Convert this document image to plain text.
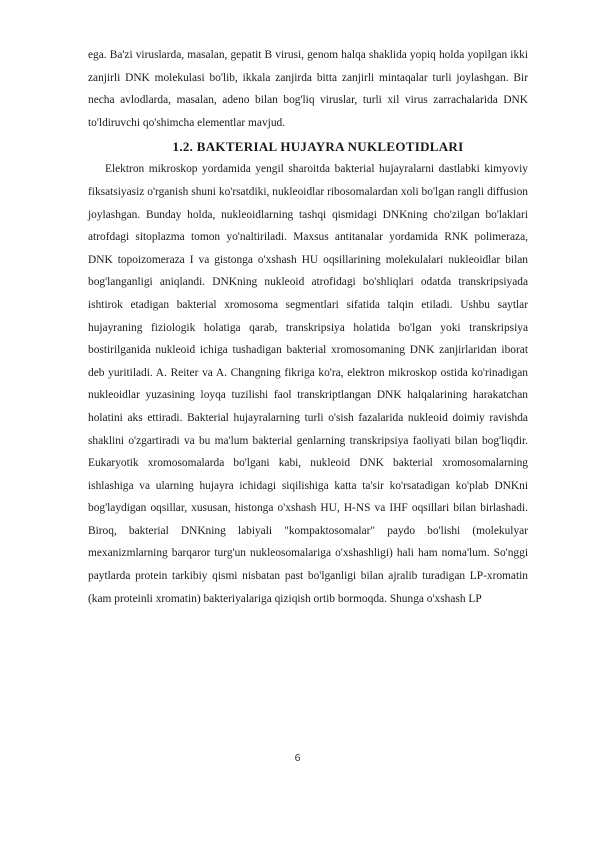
ega. Ba'zi viruslarda, masalan, gepatit B virusi, genom halqa shaklida yopiq holda yopilgan ikki zanjirli DNK molekulasi bo'lib, ikkala zanjirda bitta zanjirli mintaqalar turli joylashgan. Bir necha avlodlarda, masalan, adeno bilan bog'liq viruslar, turli xil virus zarrachalarida DNK to'ldiruvchi qo'shimcha elementlar mavjud.

1.2. BAKTERIAL HUJAYRA NUKLEOTIDLARI

Elektron mikroskop yordamida yengil sharoitda bakterial hujayralarni dastlabki kimyoviy fiksatsiyasiz o'rganish shuni ko'rsatdiki, nukleoidlar ribosomalardan xoli bo'lgan rangli diffusion joylashgan. Bunday holda, nukleoidlarning tashqi qismidagi DNKning cho'zilgan bo'laklari atrofdagi sitoplazma tomon yo'naltiriladi. Maxsus antitanalar yordamida RNK polimeraza, DNK topoizomeraza I va gistonga o'xshash HU oqsillarining molekulalari nukleoidlar bilan bog'langanligi aniqlandi. DNKning nukleoid atrofidagi bo'shliqlari odatda transkripsiyada ishtirok etadigan bakterial xromosoma segmentlari sifatida talqin etiladi. Ushbu saytlar hujayraning fiziologik holatiga qarab, transkripsiya holatida bo'lgan yoki transkripsiya bostirilganida nukleoid ichiga tushadigan bakterial xromosomaning DNK zanjirlaridan iborat deb yuritiladi. A. Reiter va A. Changning fikriga ko'ra, elektron mikroskop ostida ko'rinadigan nukleoidlar yuzasining loyqa tuzilishi faol transkriptlangan DNK halqalarining harakatchan holatini aks ettiradi. Bakterial hujayralarning turli o'sish fazalarida nukleoid doimiy ravishda shaklini o'zgartiradi va bu ma'lum bakterial genlarning transkripsiya faoliyati bilan bog'liqdir. Eukaryotik xromosomalarda bo'lgani kabi, nukleoid DNK bakterial xromosomalarning ishlashiga va ularning hujayra ichidagi siqilishiga katta ta'sir ko'rsatadigan ko'plab DNKni bog'laydigan oqsillar, xususan, histonga o'xshash HU, H-NS va IHF oqsillari bilan birlashadi. Biroq, bakterial DNKning labiyali "kompaktosomalar" paydo bo'lishi (molekulyar mexanizmlarning barqaror turg'un nukleosomalariga o'xshashligi) hali ham noma'lum. So'nggi paytlarda protein tarkibiy qismi nisbatan past bo'lganligi bilan ajralib turadigan LP-xromatin (kam proteinli xromatin) bakteriyalariga qiziqish ortib bormoqda. Shunga o'xshash LP

6
